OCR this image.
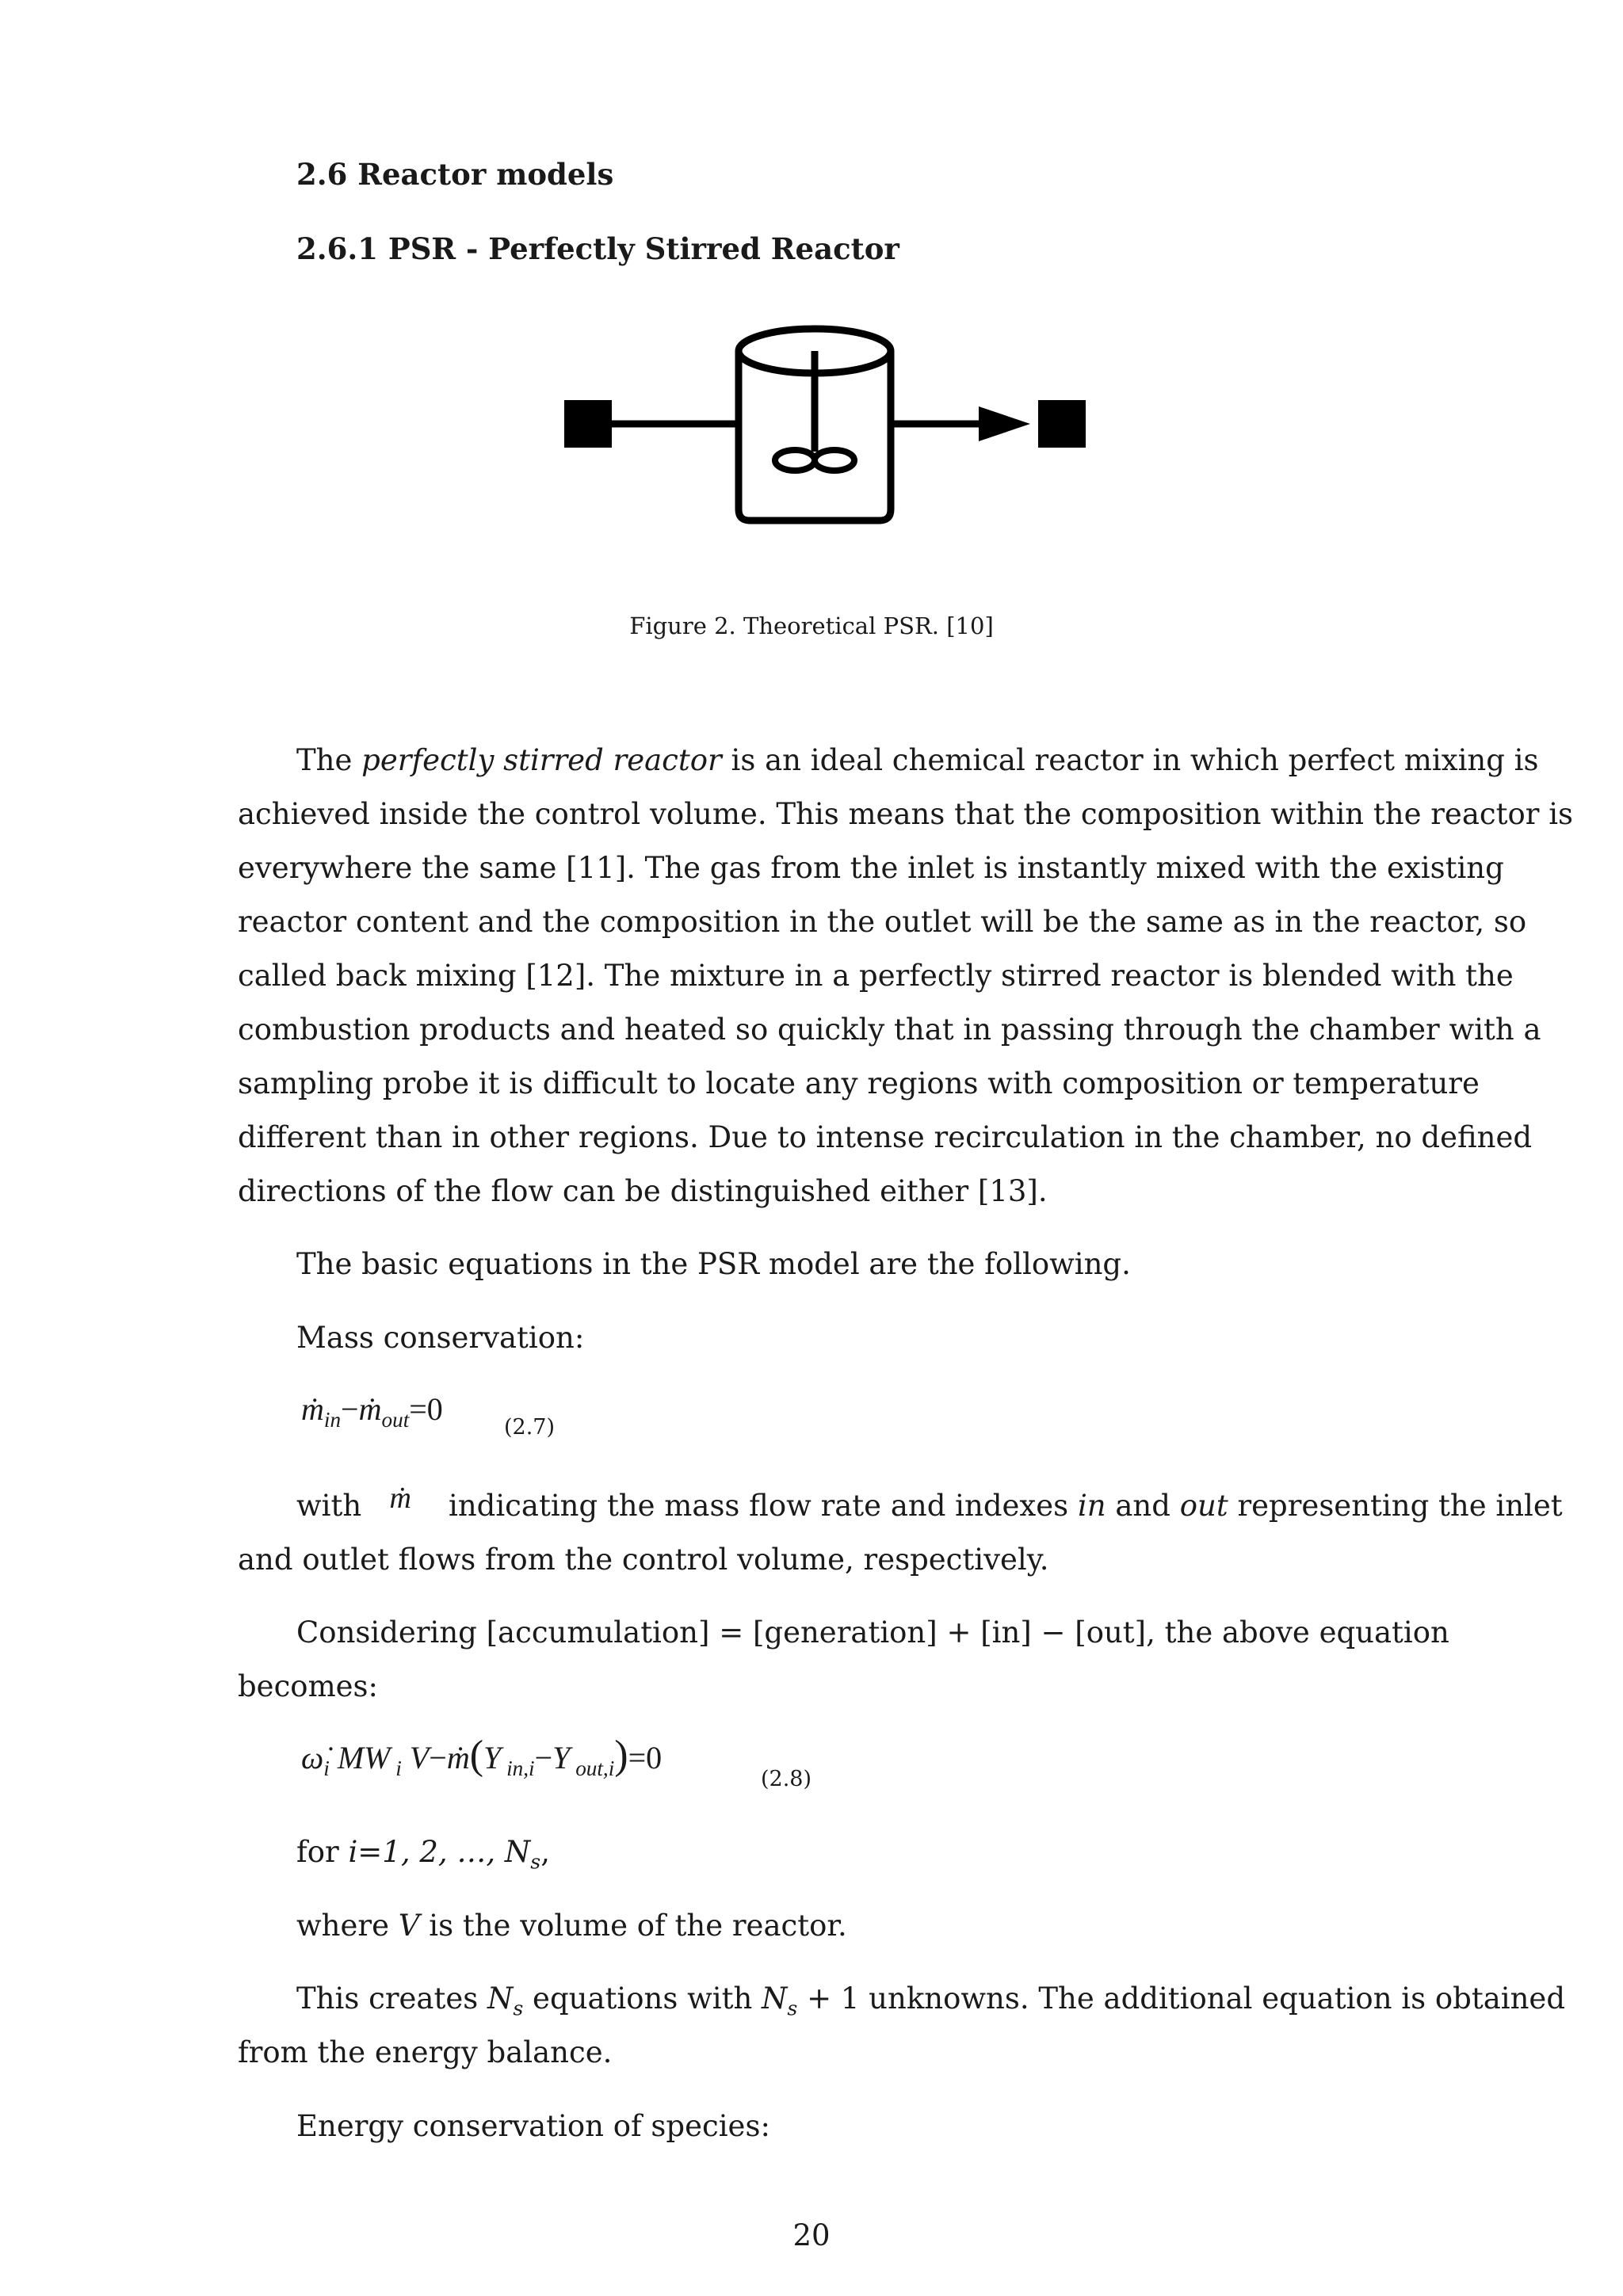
2.6 Reactor models
2.6.1 PSR - Perfectly Stirred Reactor
Figure 2. Theoretical PSR. [10]
The perfectly stirred reactor is an ideal chemical reactor in which perfect mixing is
achieved inside the control volume. This means that the composition within the reactor is
everywhere the same [11]. The gas from the inlet is instantly mixed with the existing
reactor content and the composition in the outlet will be the same as in the reactor, so
called back mixing [12]. The mixture in a perfectly stirred reactor is blended with the
combustion products and heated so quickly that in passing through the chamber with a
sampling probe it is difficult to locate any regions with composition or temperature
different than in other regions. Due to intense recirculation in the chamber, no defined
directions of the flow can be distinguished either [13].
The basic equations in the PSR model are the following.
Mass conservation:
ṁ$_{in}$−ṁ$_{out}$=0
(2.7)
with ṁ indicating the mass flow rate and indexes in and out representing the inlet
and outlet flows from the control volume, respectively.
Considering [accumulation] = [generation] + [in] − [out], the above equation
becomes:
$\omegȧ_i$ MW $_i$ V−ṁ(Y $_{in,i}$−Y $_{out,i}$)=0
(2.8)
for i=1, 2, …, $N_s$,
where V is the volume of the reactor.
This creates $N_s$ equations with $N_s + 1$ unknowns. The additional equation is obtained
from the energy balance.
Energy conservation of species:
20
